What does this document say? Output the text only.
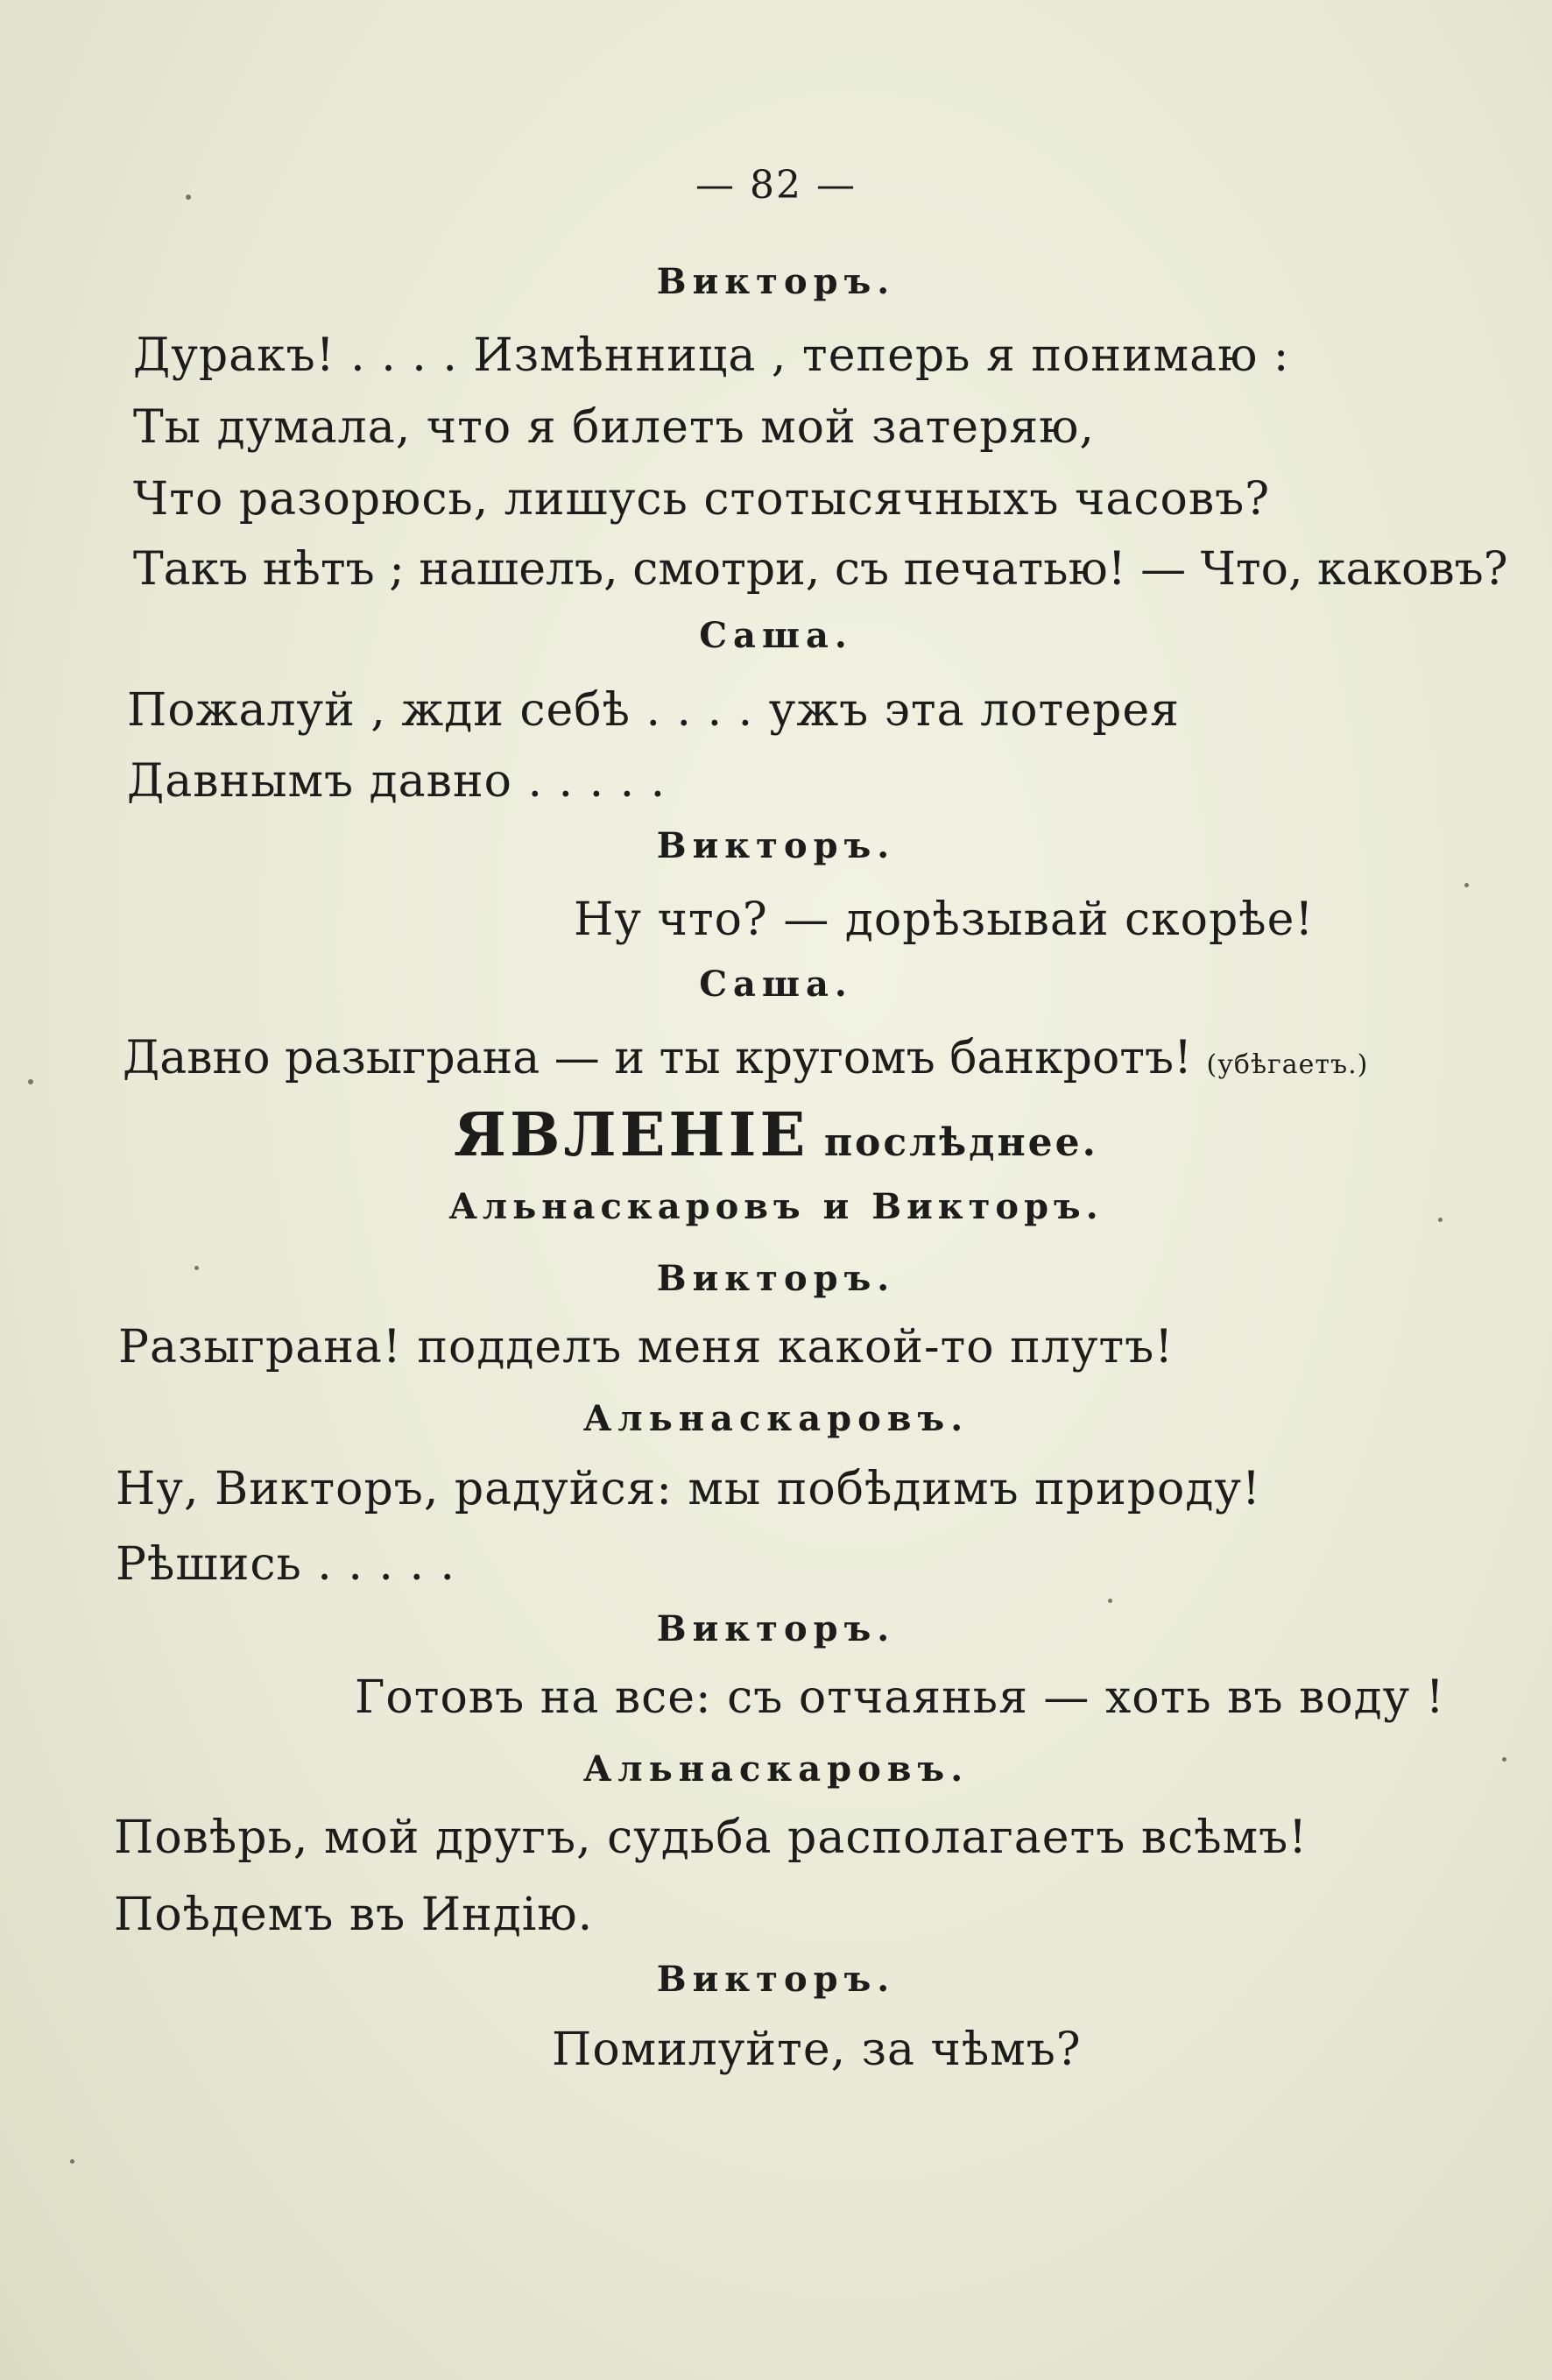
— 82 —
Викторъ.
Дуракъ! . . . . Измѣнница , теперь я понимаю :
Ты думала, что я билетъ мой затеряю,
Что разорюсь, лишусь стотысячныхъ часовъ?
Такъ нѣтъ ; нашелъ, смотри, съ печатью! — Что, каковъ?
Саша.
Пожалуй , жди себѣ . . . . ужъ эта лотерея
Давнымъ давно . . . . .
Викторъ.
Ну что? — дорѣзывай скорѣе!
Саша.
Давно разыграна — и ты кругомъ банкротъ! (убѣгаетъ.)
ЯВЛЕНІЕ послѣднее.
Альнаскаровъ и Викторъ.
Викторъ.
Разыграна! подделъ меня какой-то плутъ!
Альнаскаровъ.
Ну, Викторъ, радуйся: мы побѣдимъ природу!
Рѣшись . . . . .
Викторъ.
Готовъ на все: съ отчаянья — хоть въ воду !
Альнаскаровъ.
Повѣрь, мой другъ, судьба располагаетъ всѣмъ!
Поѣдемъ въ Индію.
Викторъ.
Помилуйте, за чѣмъ?
